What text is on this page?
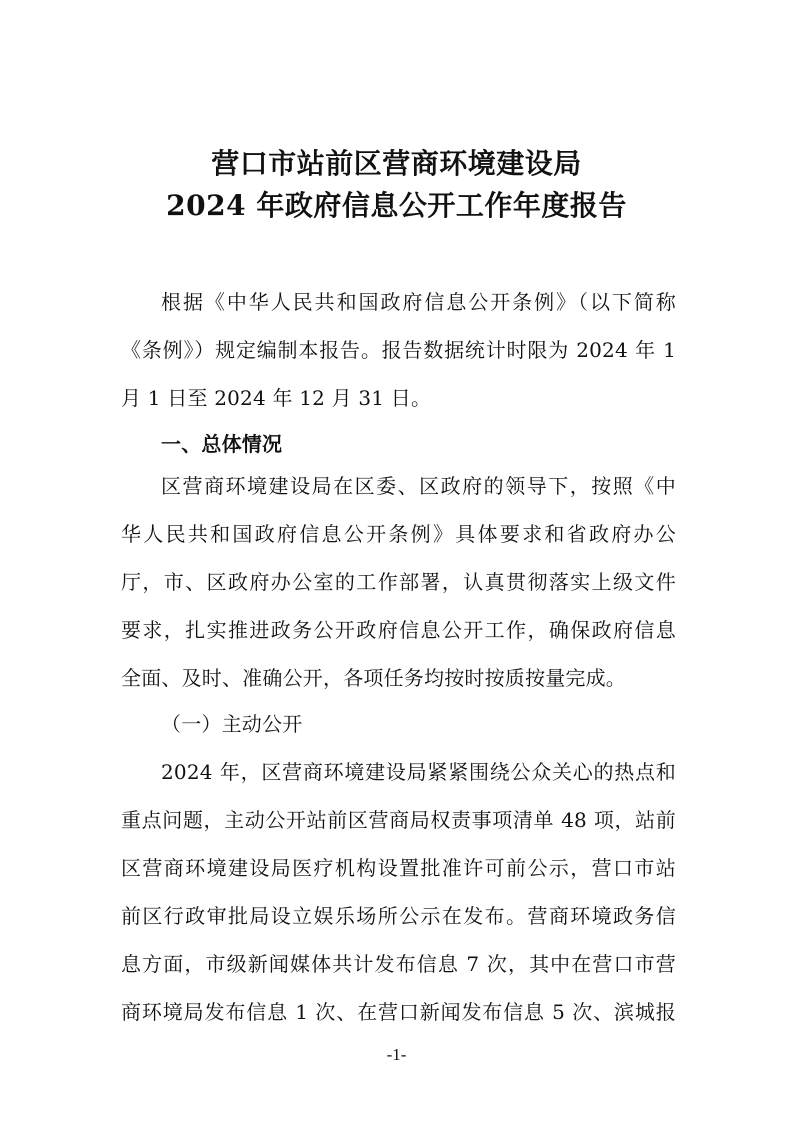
营口市站前区营商环境建设局
2024 年政府信息公开工作年度报告
根据《中华人民共和国政府信息公开条例》（以下简称
《条例》）规定编制本报告。报告数据统计时限为 2024 年 1
月 1 日至 2024 年 12 月 31 日。
一、总体情况
区营商环境建设局在区委、区政府的领导下，按照《中
华人民共和国政府信息公开条例》具体要求和省政府办公
厅，市、区政府办公室的工作部署，认真贯彻落实上级文件
要求，扎实推进政务公开政府信息公开工作，确保政府信息
全面、及时、准确公开，各项任务均按时按质按量完成。
（一）主动公开
2024 年，区营商环境建设局紧紧围绕公众关心的热点和
重点问题，主动公开站前区营商局权责事项清单 48 项，站前
区营商环境建设局医疗机构设置批准许可前公示，营口市站
前区行政审批局设立娱乐场所公示在发布。营商环境政务信
息方面，市级新闻媒体共计发布信息 7 次，其中在营口市营
商环境局发布信息 1 次、在营口新闻发布信息 5 次、滨城报
-1-
